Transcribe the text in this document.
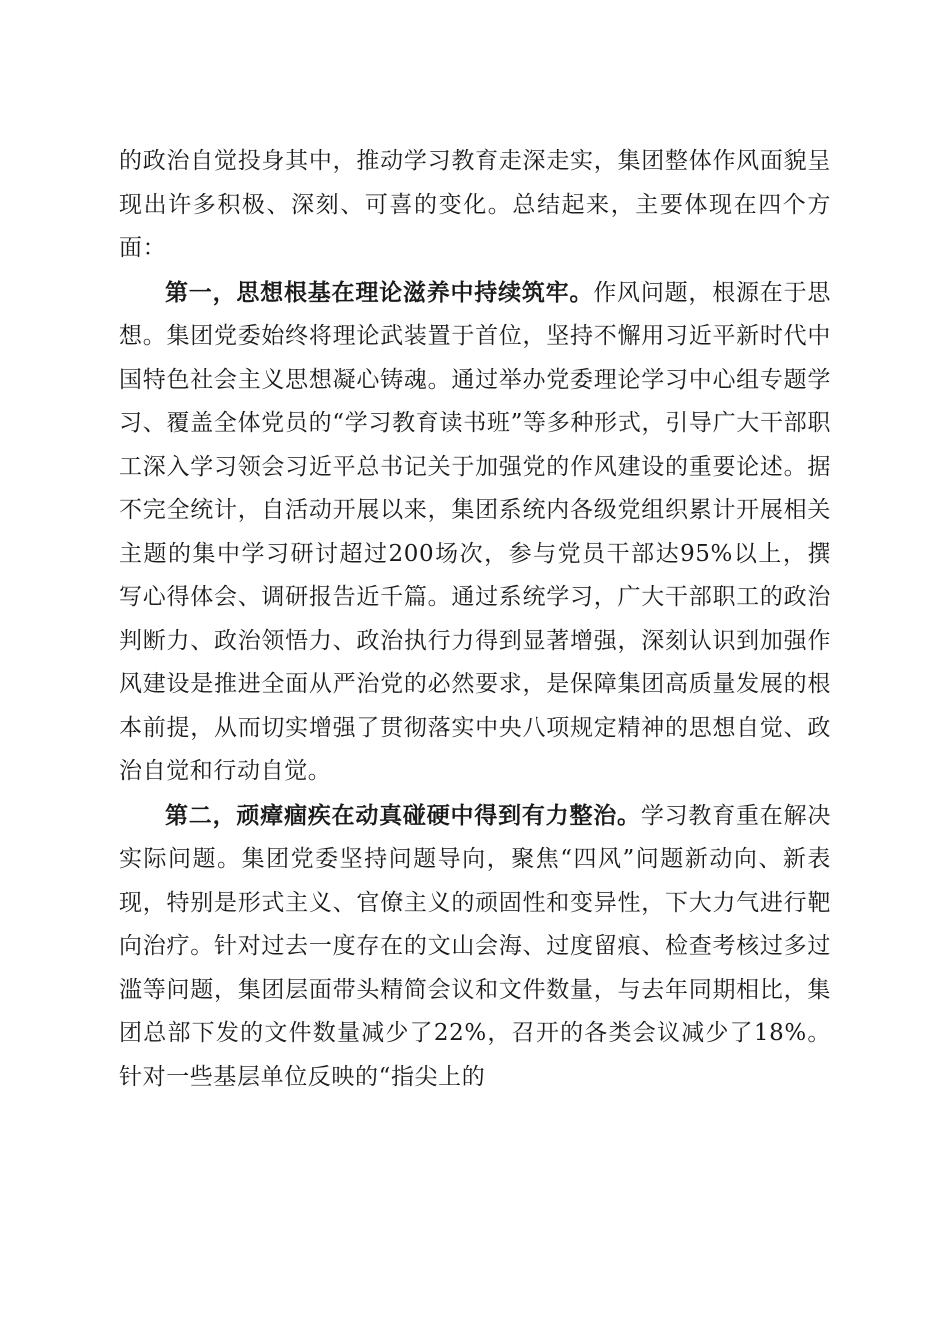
的政治自觉投身其中，推动学习教育走深走实，集团整体作风面貌呈现出许多积极、深刻、可喜的变化。总结起来，主要体现在四个方面：

第一，思想根基在理论滋养中持续筑牢。作风问题，根源在于思想。集团党委始终将理论武装置于首位，坚持不懈用习近平新时代中国特色社会主义思想凝心铸魂。通过举办党委理论学习中心组专题学习、覆盖全体党员的“学习教育读书班”等多种形式，引导广大干部职工深入学习领会习近平总书记关于加强党的作风建设的重要论述。据不完全统计，自活动开展以来，集团系统内各级党组织累计开展相关主题的集中学习研讨超过200场次，参与党员干部达95%以上，撰写心得体会、调研报告近千篇。通过系统学习，广大干部职工的政治判断力、政治领悟力、政治执行力得到显著增强，深刻认识到加强作风建设是推进全面从严治党的必然要求，是保障集团高质量发展的根本前提，从而切实增强了贯彻落实中央八项规定精神的思想自觉、政治自觉和行动自觉。

第二，顽瘴痼疾在动真碰硬中得到有力整治。学习教育重在解决实际问题。集团党委坚持问题导向，聚焦“四风”问题新动向、新表现，特别是形式主义、官僚主义的顽固性和变异性，下大力气进行靶向治疗。针对过去一度存在的文山会海、过度留痕、检查考核过多过滥等问题，集团层面带头精简会议和文件数量，与去年同期相比，集团总部下发的文件数量减少了22%，召开的各类会议减少了18%。针对一些基层单位反映的“指尖上的
